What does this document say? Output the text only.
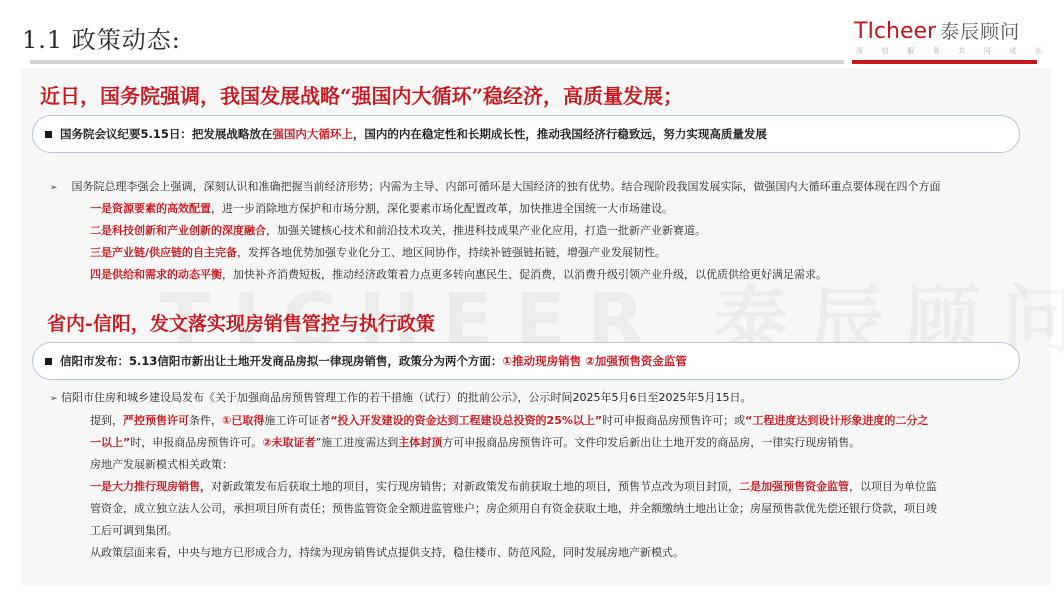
1.1 政策动态:	TIcheer 泰辰顾问
深	信	服	务	共	同	成	长
近日，国务院强调，我国发展战略“强国内大循环”稳经济，高质量发展；
国务院会议纪要5.15日：把发展战略放在 强国内大循环上 ，国内的内在稳定性和长期成长性，推动我国经济行稳致远，努力实现高质量发展
➢ 国务院总理李强会上强调，深刻认识和准确把握当前经济形势；内需为主导、内部可循环是大国经济的独有优势。结合现阶段我国发展实际，做强国内大循环重点要体现在四个方面
一是资源要素的高效配置，进一步消除地方保护和市场分割，深化要素市场化配置改革，加快推进全国统一大市场建设。
二是科技创新和产业创新的深度融合，加强关键核心技术和前沿技术攻关，推进科技成果产业化应用，打造一批新产业新赛道。
三是产业链/供应链的自主完备，发挥各地优势加强专业化分工、地区间协作，持续补链强链拓链，增强产业发展韧性。
四是供给和需求的动态平衡，加快补齐消费短板，推动经济政策着力点更多转向惠民生、促消费，以消费升级引领产业升级，以优质供给更好满足需求。
省内-信阳，发文落实现房销售管控与执行政策
信阳市发布：5.13信阳市新出让土地开发商品房拟一律现房销售，政策分为两个方面： ①推动现房销售 ②加强预售资金监管
➢ 信阳市住房和城乡建设局发布《关于加强商品房预售管理工作的若干措施（试行）的批前公示》，公示时间2025年5月6日至2025年5月15日。
提到，严控预售许可条件，①已取得施工许可证者“投入开发建设的资金达到工程建设总投资的25%以上”时可申报商品房预售许可；或“工程进度达到设计形象进度的二分之
一以上”时，申报商品房预售许可。②未取证者”施工进度需达到主体封顶方可申报商品房预售许可。文件印发后新出让土地开发的商品房，一律实行现房销售。
房地产发展新模式相关政策：
一是大力推行现房销售，对新政策发布后获取土地的项目，实行现房销售；对新政策发布前获取土地的项目，预售节点改为项目封顶，二是加强预售资金监管，以项目为单位监
管资金，成立独立法人公司，承担项目所有责任；预售监管资金全额进监管账户；房企须用自有资金获取土地，并全额缴纳土地出让金；房屋预售款优先偿还银行贷款，项目竣
工后可调到集团。
从政策层面来看，中央与地方已形成合力，持续为现房销售试点提供支持，稳住楼市、防范风险，同时发展房地产新模式。
